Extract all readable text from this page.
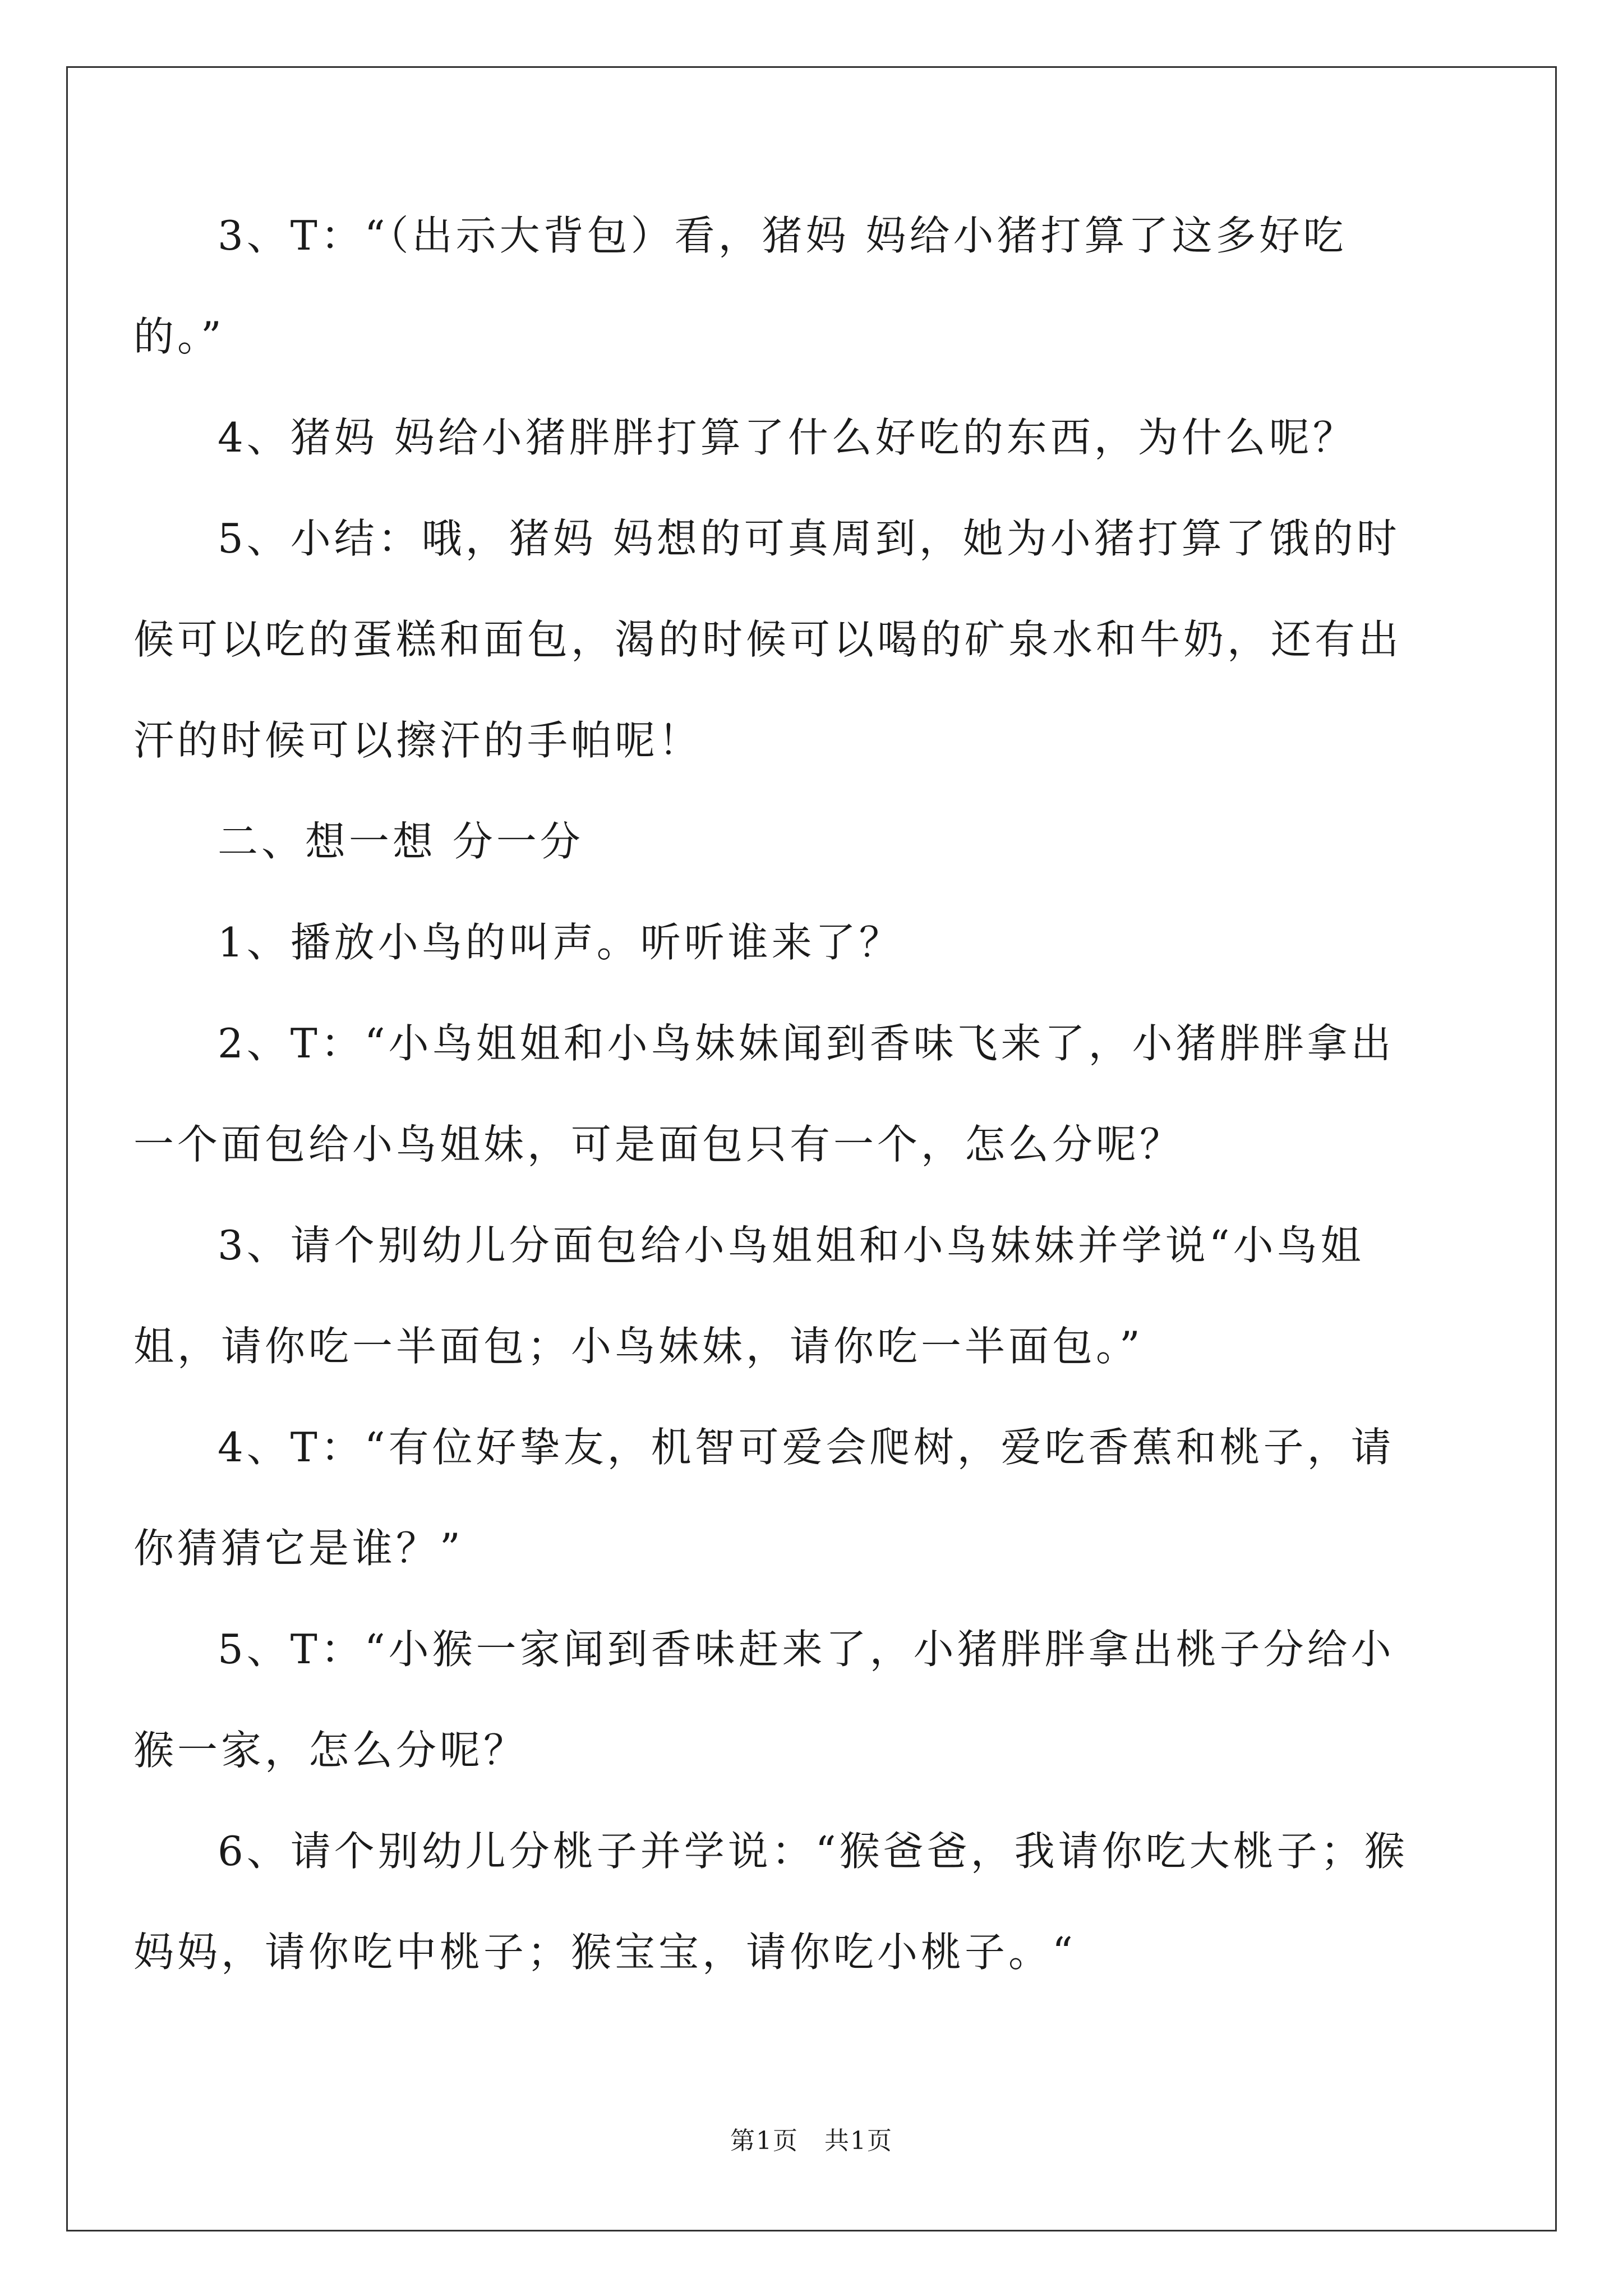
3、T：“（出示大背包）看，猪妈 妈给小猪打算了这多好吃的。”

4、猪妈 妈给小猪胖胖打算了什么好吃的东西，为什么呢？

5、小结：哦，猪妈 妈想的可真周到，她为小猪打算了饿的时候可以吃的蛋糕和面包，渴的时候可以喝的矿泉水和牛奶，还有出汗的时候可以擦汗的手帕呢！

二、想一想 分一分

1、播放小鸟的叫声。听听谁来了？

2、T：“小鸟姐姐和小鸟妹妹闻到香味飞来了，小猪胖胖拿出一个面包给小鸟姐妹，可是面包只有一个，怎么分呢？

3、请个别幼儿分面包给小鸟姐姐和小鸟妹妹并学说“小鸟姐姐，请你吃一半面包；小鸟妹妹，请你吃一半面包。”

4、T：“有位好挚友，机智可爱会爬树，爱吃香蕉和桃子，请你猜猜它是谁？”

5、T：“小猴一家闻到香味赶来了，小猪胖胖拿出桃子分给小猴一家，怎么分呢？

6、请个别幼儿分桃子并学说：“猴爸爸，我请你吃大桃子；猴妈妈，请你吃中桃子；猴宝宝，请你吃小桃子。“

第1页　共1页
